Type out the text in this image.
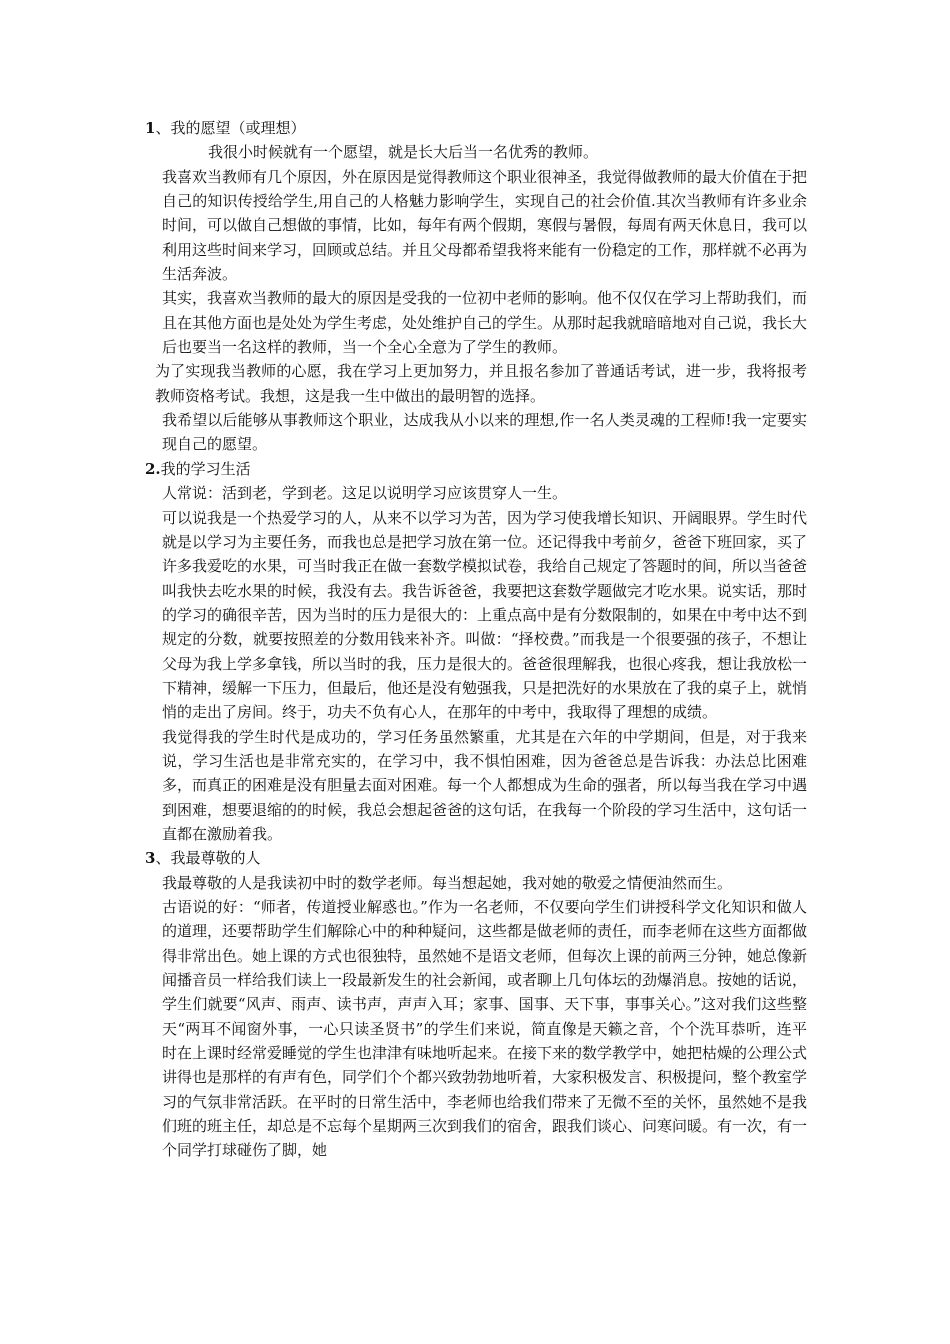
1、我的愿望（或理想）

我很小时候就有一个愿望，就是长大后当一名优秀的教师。

我喜欢当教师有几个原因，外在原因是觉得教师这个职业很神圣，我觉得做教师的最大价值在于把自己的知识传授给学生,用自己的人格魅力影响学生，实现自己的社会价值.其次当教师有许多业余时间，可以做自己想做的事情，比如，每年有两个假期，寒假与暑假，每周有两天休息日，我可以利用这些时间来学习，回顾或总结。并且父母都希望我将来能有一份稳定的工作，那样就不必再为生活奔波。

其实，我喜欢当教师的最大的原因是受我的一位初中老师的影响。他不仅仅在学习上帮助我们，而且在其他方面也是处处为学生考虑，处处维护自己的学生。从那时起我就暗暗地对自己说，我长大后也要当一名这样的教师，当一个全心全意为了学生的教师。

为了实现我当教师的心愿，我在学习上更加努力，并且报名参加了普通话考试，进一步，我将报考教师资格考试。我想，这是我一生中做出的最明智的选择。

我希望以后能够从事教师这个职业，达成我从小以来的理想,作一名人类灵魂的工程师!我一定要实现自己的愿望。

2.我的学习生活

人常说：活到老，学到老。这足以说明学习应该贯穿人一生。

可以说我是一个热爱学习的人，从来不以学习为苦，因为学习使我增长知识、开阔眼界。学生时代就是以学习为主要任务，而我也总是把学习放在第一位。还记得我中考前夕，爸爸下班回家，买了许多我爱吃的水果，可当时我正在做一套数学模拟试卷，我给自己规定了答题时的间，所以当爸爸叫我快去吃水果的时候，我没有去。我告诉爸爸，我要把这套数学题做完才吃水果。说实话，那时的学习的确很辛苦，因为当时的压力是很大的：上重点高中是有分数限制的，如果在中考中达不到规定的分数，就要按照差的分数用钱来补齐。叫做：“择校费。”而我是一个很要强的孩子，不想让父母为我上学多拿钱，所以当时的我，压力是很大的。爸爸很理解我，也很心疼我，想让我放松一下精神，缓解一下压力，但最后，他还是没有勉强我，只是把洗好的水果放在了我的桌子上，就悄悄的走出了房间。终于，功夫不负有心人，在那年的中考中，我取得了理想的成绩。

我觉得我的学生时代是成功的，学习任务虽然繁重，尤其是在六年的中学期间，但是，对于我来说，学习生活也是非常充实的，在学习中，我不惧怕困难，因为爸爸总是告诉我：办法总比困难多，而真正的困难是没有胆量去面对困难。每一个人都想成为生命的强者，所以每当我在学习中遇到困难，想要退缩的的时候，我总会想起爸爸的这句话，在我每一个阶段的学习生活中，这句话一直都在激励着我。

3、我最尊敬的人

我最尊敬的人是我读初中时的数学老师。每当想起她，我对她的敬爱之情便油然而生。

古语说的好：“师者，传道授业解惑也。”作为一名老师，不仅要向学生们讲授科学文化知识和做人的道理，还要帮助学生们解除心中的种种疑问，这些都是做老师的责任，而李老师在这些方面都做得非常出色。她上课的方式也很独特，虽然她不是语文老师，但每次上课的前两三分钟，她总像新闻播音员一样给我们读上一段最新发生的社会新闻，或者聊上几句体坛的劲爆消息。按她的话说，学生们就要“风声、雨声、读书声，声声入耳；家事、国事、天下事，事事关心。”这对我们这些整天“两耳不闻窗外事，一心只读圣贤书”的学生们来说，简直像是天籁之音，个个洗耳恭听，连平时在上课时经常爱睡觉的学生也津津有味地听起来。在接下来的数学教学中，她把枯燥的公理公式讲得也是那样的有声有色，同学们个个都兴致勃勃地听着，大家积极发言、积极提问，整个教室学习的气氛非常活跃。在平时的日常生活中，李老师也给我们带来了无微不至的关怀，虽然她不是我们班的班主任，却总是不忘每个星期两三次到我们的宿舍，跟我们谈心、问寒问暖。有一次，有一个同学打球碰伤了脚，她
